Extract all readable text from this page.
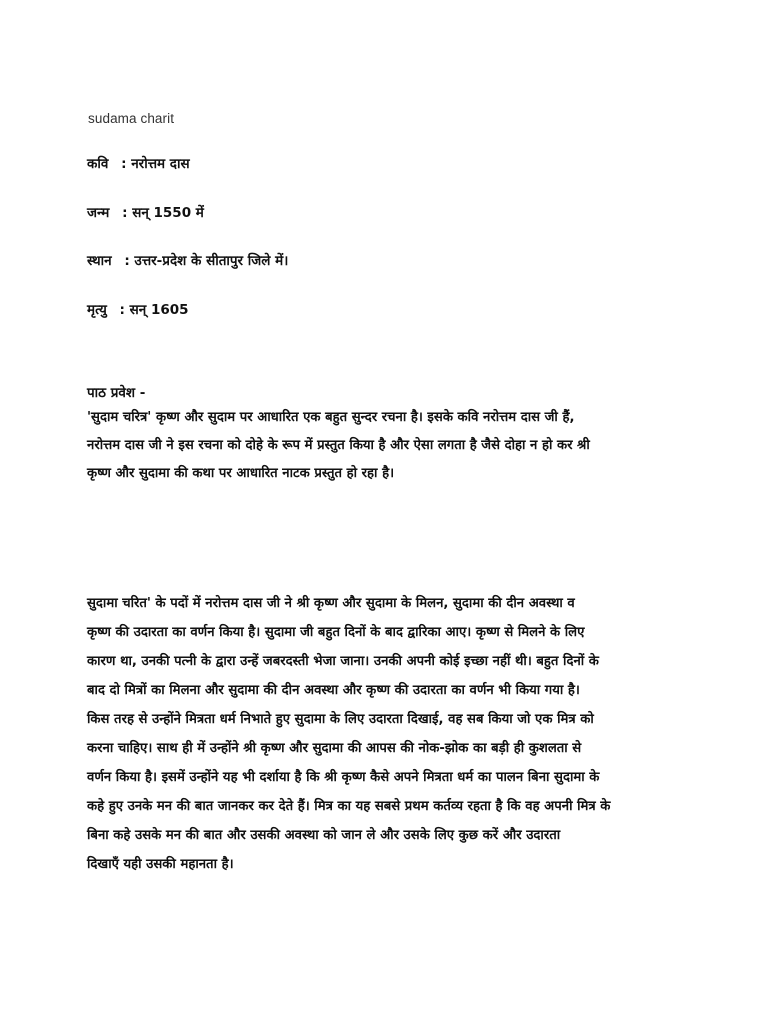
sudama charit
कवि : नरोत्तम दास
जन्म : सन् 1550 में
स्थान : उत्तर-प्रदेश के सीतापुर जिले में।
मृत्यु : सन् 1605
पाठ प्रवेश -
'सुदाम चरित्र' कृष्ण और सुदाम पर आधारित एक बहुत सुन्दर रचना है। इसके कवि नरोत्तम दास जी हैं,
नरोत्तम दास जी ने इस रचना को दोहे के रूप में प्रस्तुत किया है और ऐसा लगता है जैसे दोहा न हो कर श्री
कृष्ण और सुदामा की कथा पर आधारित नाटक प्रस्तुत हो रहा है।
सुदामा चरित' के पदों में नरोत्तम दास जी ने श्री कृष्ण और सुदामा के मिलन, सुदामा की दीन अवस्था व
कृष्ण की उदारता का वर्णन किया है। सुदामा जी बहुत दिनों के बाद द्वारिका आए। कृष्ण से मिलने के लिए
कारण था, उनकी पत्नी के द्वारा उन्हें जबरदस्ती भेजा जाना। उनकी अपनी कोई इच्छा नहीं थी। बहुत दिनों के
बाद दो मित्रों का मिलना और सुदामा की दीन अवस्था और कृष्ण की उदारता का वर्णन भी किया गया है।
किस तरह से उन्होंने मित्रता धर्म निभाते हुए सुदामा के लिए उदारता दिखाई, वह सब किया जो एक मित्र को
करना चाहिए। साथ ही में उन्होंने श्री कृष्ण और सुदामा की आपस की नोक-झोक का बड़ी ही कुशलता से
वर्णन किया है। इसमें उन्होंने यह भी दर्शाया है कि श्री कृष्ण कैसे अपने मित्रता धर्म का पालन बिना सुदामा के
कहे हुए उनके मन की बात जानकर कर देते हैं। मित्र का यह सबसे प्रथम कर्तव्य रहता है कि वह अपनी मित्र के
बिना कहे उसके मन की बात और उसकी अवस्था को जान ले और उसके लिए कुछ करें और उदारता
दिखाएँ यही उसकी महानता है।
